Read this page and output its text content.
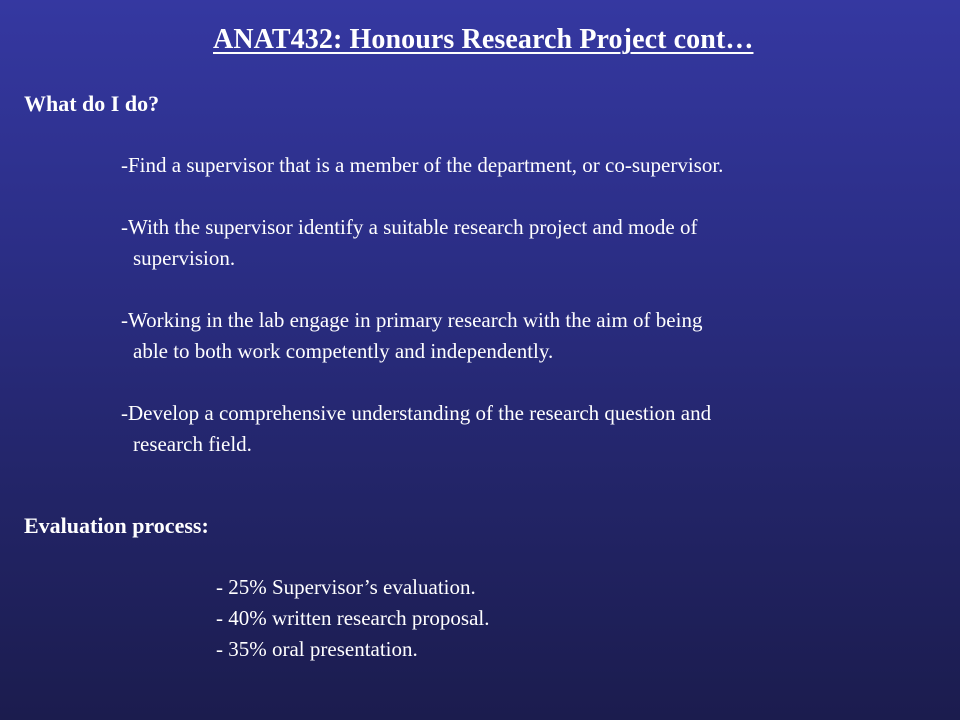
ANAT432: Honours Research Project cont…
What do I do?
-Find a supervisor that is a member of the department, or co-supervisor.
-With the supervisor identify a suitable research project and mode of
supervision.
-Working in the lab engage in primary research with the aim of being
able to both work competently and independently.
-Develop a comprehensive understanding of the research question and
research field.
Evaluation process:
- 25% Supervisor’s evaluation.
- 40% written research proposal.
- 35% oral presentation.
